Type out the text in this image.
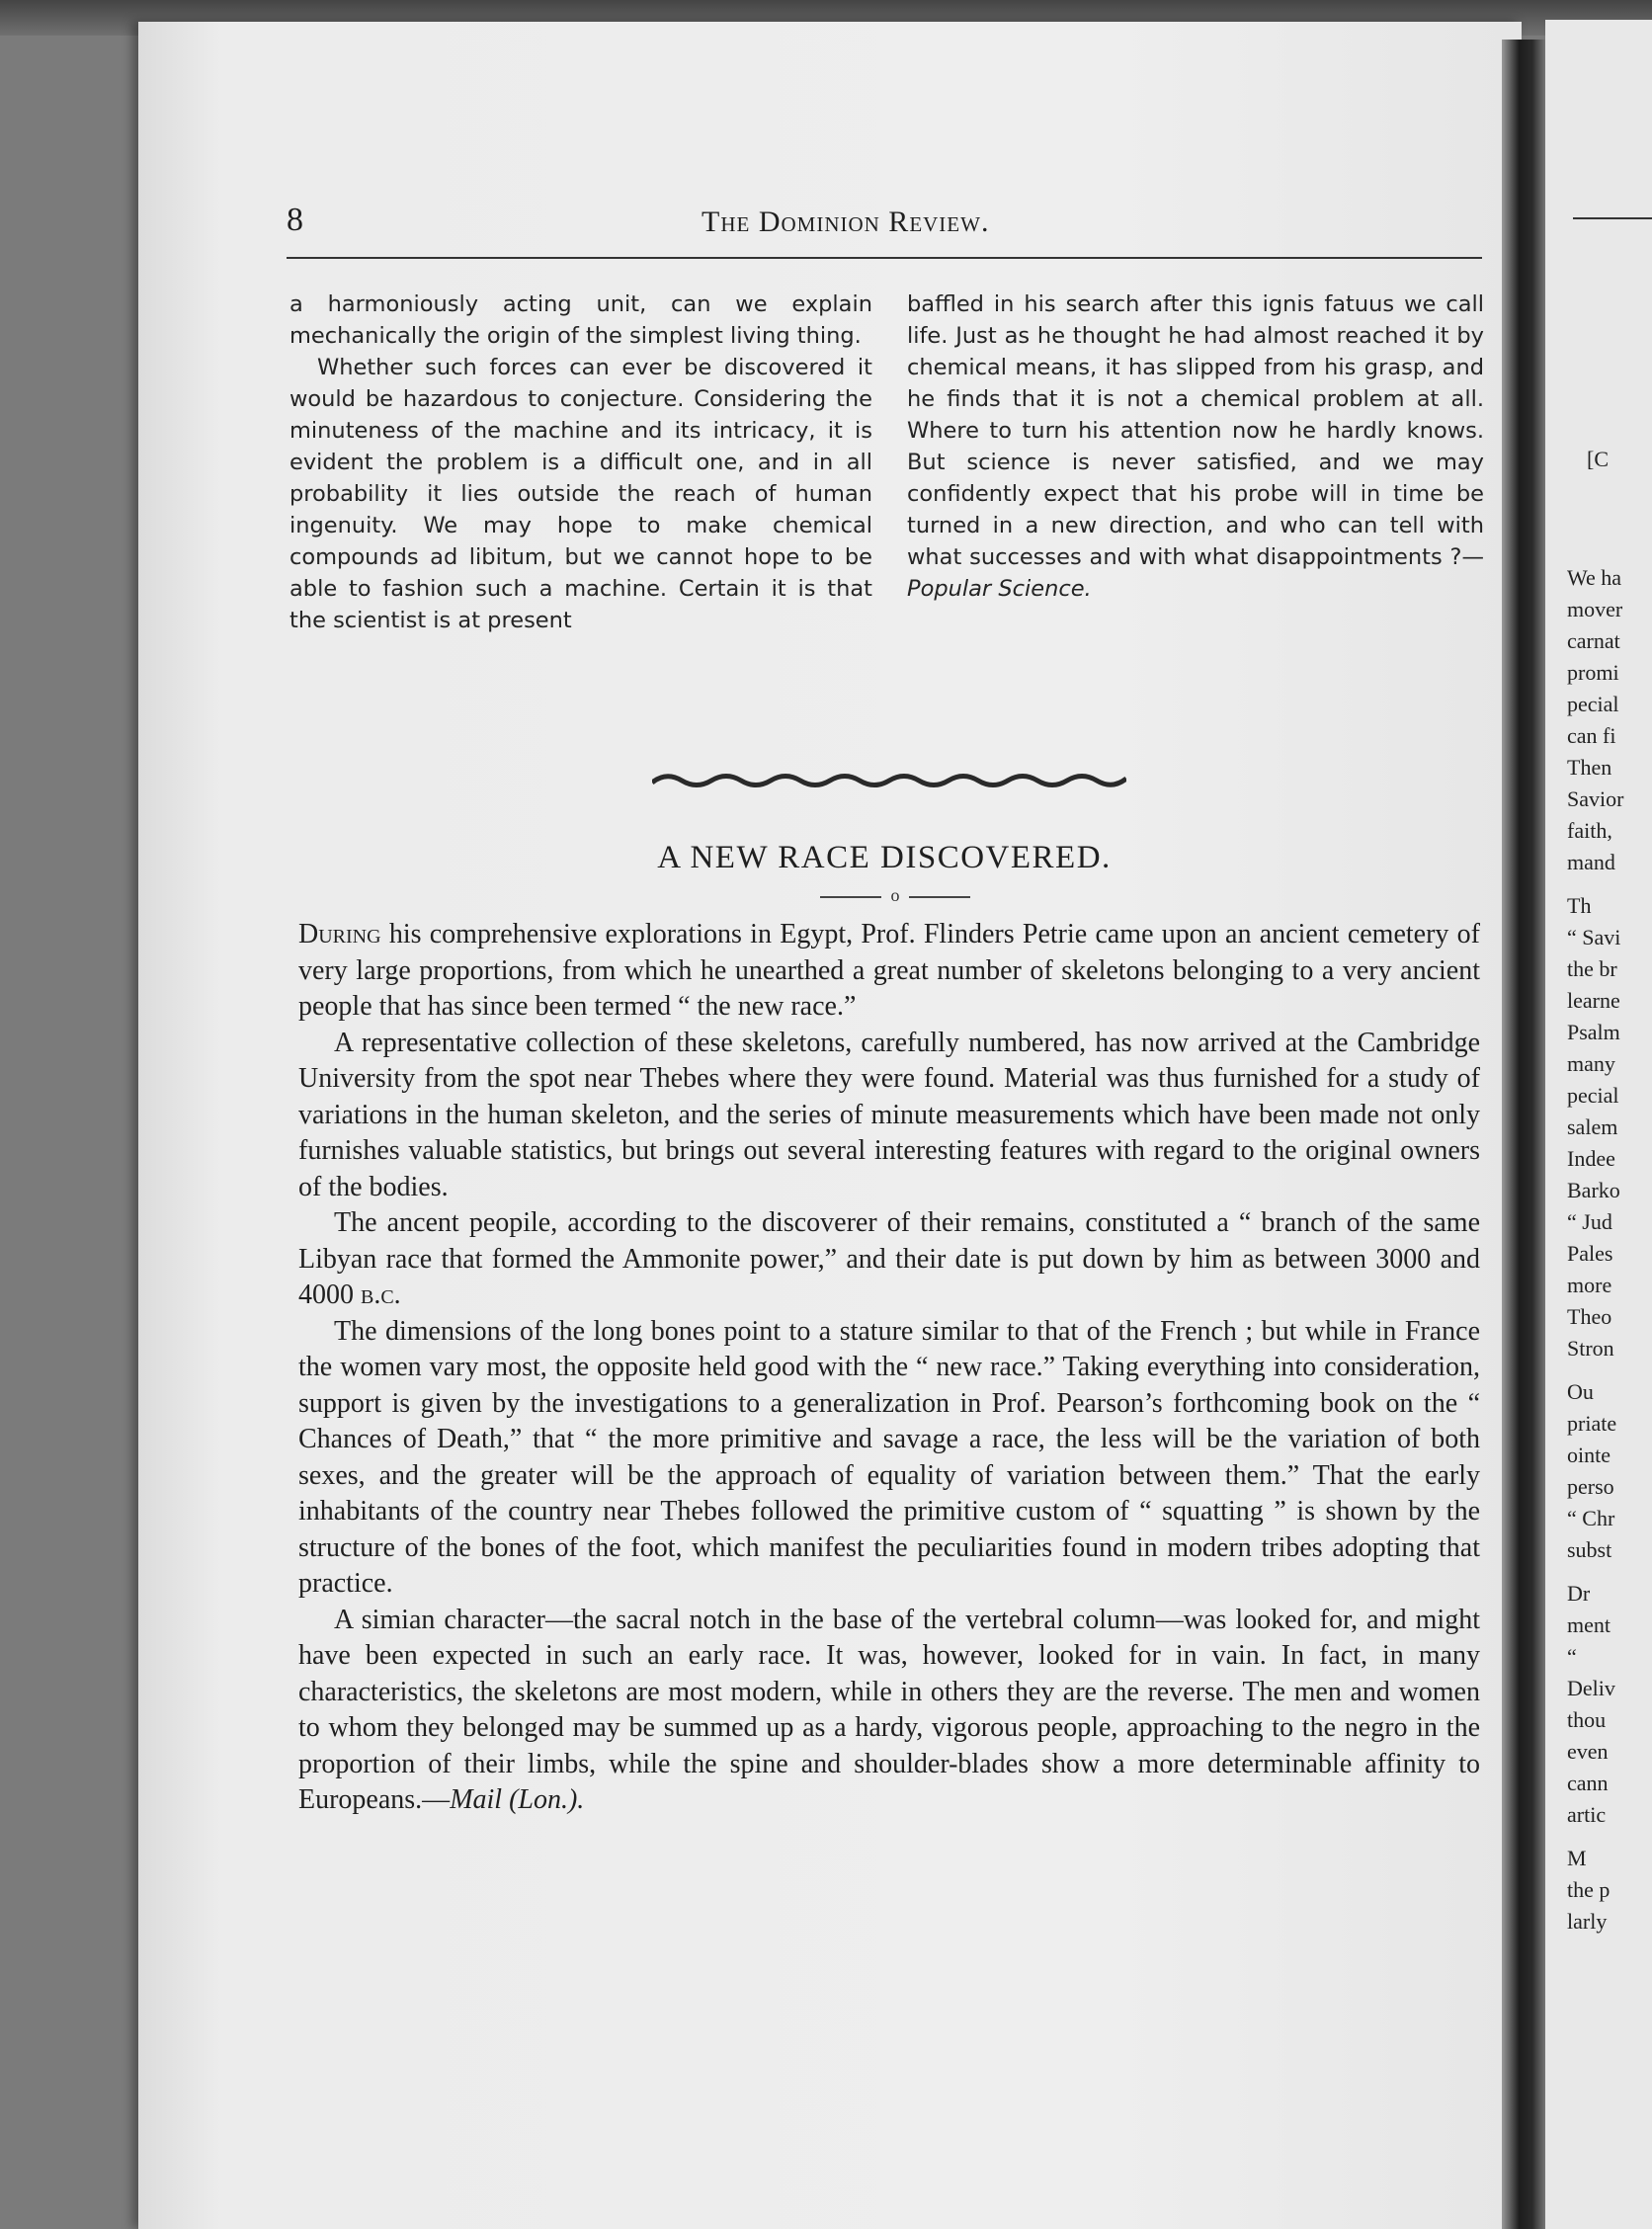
[C
We ha
mover
carnat
promi
pecial
can fi
Then
Savior
faith,
mand
Th
“ Savi
the br
learne
Psalm
many
pecial
salem
Indee
Barko
“ Jud
Pales
more
Theo
Stron
Ou
priate
ointe
perso
“ Chr
subst
Dr
ment
“
Deliv
thou
even
cann
artic
M
the p
larly
8	The Dominion Review.

a harmoniously acting unit, can we explain mechanically the origin of the simplest living thing.

Whether such forces can ever be discovered it would be hazardous to conjecture. Considering the minuteness of the machine and its intricacy, it is evident the problem is a difficult one, and in all probability it lies outside the reach of human ingenuity. We may hope to make chemical compounds ad libitum, but we cannot hope to be able to fashion such a machine. Certain it is that the scientist is at present

baffled in his search after this ignis fatuus we call life. Just as he thought he had almost reached it by chemical means, it has slipped from his grasp, and he finds that it is not a chemical problem at all. Where to turn his attention now he hardly knows. But science is never satisfied, and we may confidently expect that his probe will in time be turned in a new direction, and who can tell with what successes and with what disappointments ?— Popular Science.

A NEW RACE DISCOVERED.
o

During his comprehensive explorations in Egypt, Prof. Flinders Petrie came upon an ancient cemetery of very large proportions, from which he unearthed a great number of skeletons belonging to a very ancient people that has since been termed “ the new race.”

A representative collection of these skeletons, carefully numbered, has now arrived at the Cambridge University from the spot near Thebes where they were found. Material was thus furnished for a study of variations in the human skeleton, and the series of minute measurements which have been made not only furnishes valuable statistics, but brings out several interesting features with regard to the original owners of the bodies.

The ancent peopile, according to the discoverer of their remains, constituted a “ branch of the same Libyan race that formed the Ammonite power,” and their date is put down by him as between 3000 and 4000 b.c.

The dimensions of the long bones point to a stature similar to that of the French ; but while in France the women vary most, the opposite held good with the “ new race.” Taking everything into consideration, support is given by the investigations to a generalization in Prof. Pearson’s forthcoming book on the “ Chances of Death,” that “ the more primitive and savage a race, the less will be the variation of both sexes, and the greater will be the approach of equality of variation between them.” That the early inhabitants of the country near Thebes followed the primitive custom of “ squatting ” is shown by the structure of the bones of the foot, which manifest the peculiarities found in modern tribes adopting that practice.

A simian character—the sacral notch in the base of the vertebral column—was looked for, and might have been expected in such an early race. It was, however, looked for in vain. In fact, in many characteristics, the skeletons are most modern, while in others they are the reverse. The men and women to whom they belonged may be summed up as a hardy, vigorous people, approaching to the negro in the proportion of their limbs, while the spine and shoulder-blades show a more determinable affinity to Europeans.—Mail (Lon.).
